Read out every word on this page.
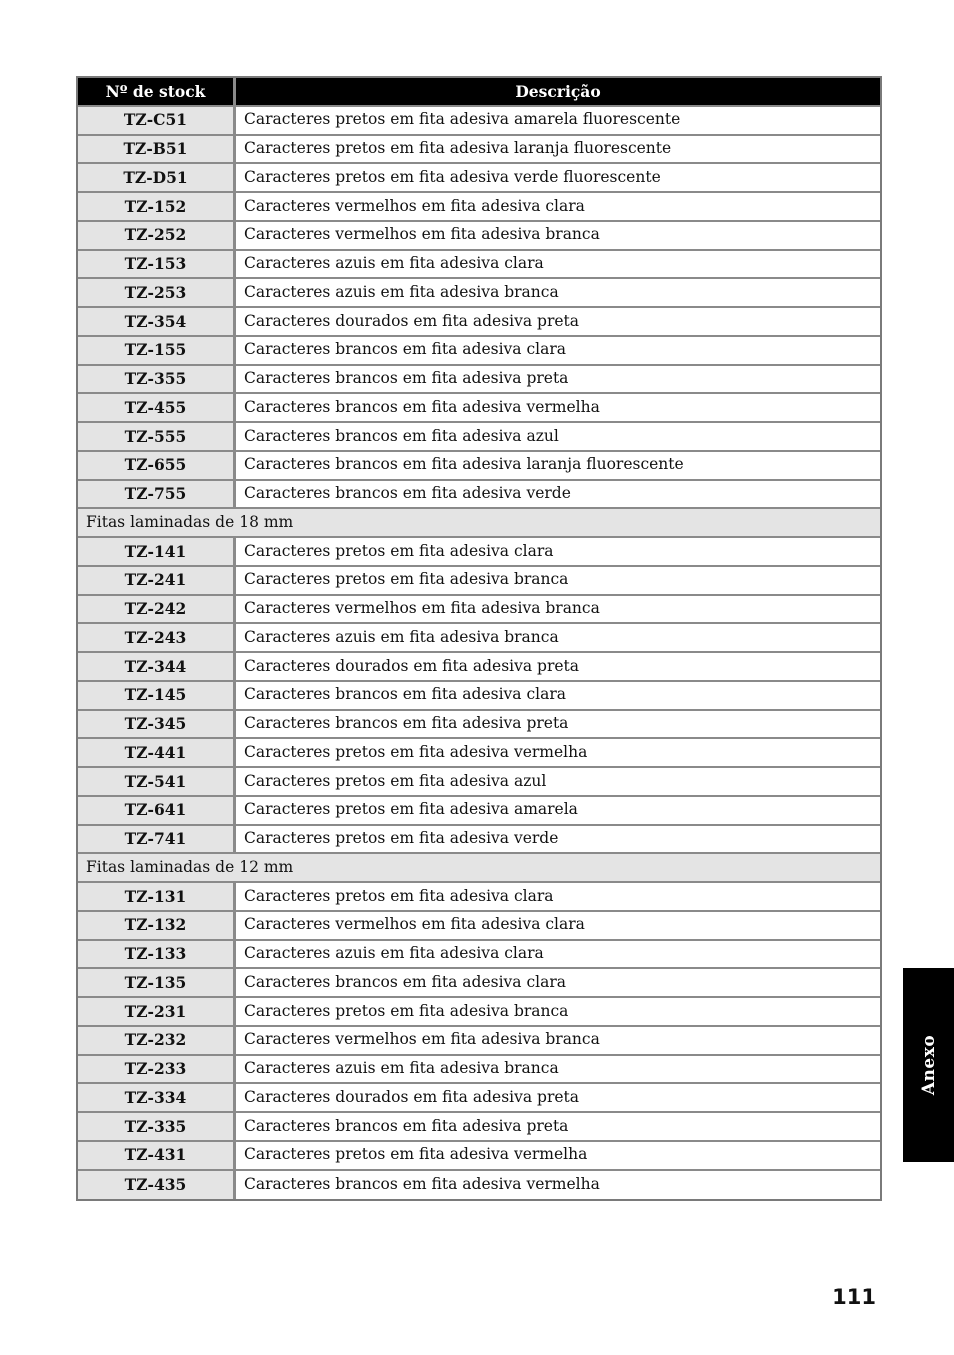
Nº de stock	Descrição
TZ-C51	Caracteres pretos em fita adesiva amarela fluorescente
TZ-B51	Caracteres pretos em fita adesiva laranja fluorescente
TZ-D51	Caracteres pretos em fita adesiva verde fluorescente
TZ-152	Caracteres vermelhos em fita adesiva clara
TZ-252	Caracteres vermelhos em fita adesiva branca
TZ-153	Caracteres azuis em fita adesiva clara
TZ-253	Caracteres azuis em fita adesiva branca
TZ-354	Caracteres dourados em fita adesiva preta
TZ-155	Caracteres brancos em fita adesiva clara
TZ-355	Caracteres brancos em fita adesiva preta
TZ-455	Caracteres brancos em fita adesiva vermelha
TZ-555	Caracteres brancos em fita adesiva azul
TZ-655	Caracteres brancos em fita adesiva laranja fluorescente
TZ-755	Caracteres brancos em fita adesiva verde
Fitas laminadas de 18 mm	
TZ-141	Caracteres pretos em fita adesiva clara
TZ-241	Caracteres pretos em fita adesiva branca
TZ-242	Caracteres vermelhos em fita adesiva branca
TZ-243	Caracteres azuis em fita adesiva branca
TZ-344	Caracteres dourados em fita adesiva preta
TZ-145	Caracteres brancos em fita adesiva clara
TZ-345	Caracteres brancos em fita adesiva preta
TZ-441	Caracteres pretos em fita adesiva vermelha
TZ-541	Caracteres pretos em fita adesiva azul
TZ-641	Caracteres pretos em fita adesiva amarela
TZ-741	Caracteres pretos em fita adesiva verde
Fitas laminadas de 12 mm	
TZ-131	Caracteres pretos em fita adesiva clara
TZ-132	Caracteres vermelhos em fita adesiva clara
TZ-133	Caracteres azuis em fita adesiva clara
TZ-135	Caracteres brancos em fita adesiva clara
TZ-231	Caracteres pretos em fita adesiva branca
TZ-232	Caracteres vermelhos em fita adesiva branca
TZ-233	Caracteres azuis em fita adesiva branca
TZ-334	Caracteres dourados em fita adesiva preta
TZ-335	Caracteres brancos em fita adesiva preta
TZ-431	Caracteres pretos em fita adesiva vermelha
TZ-435	Caracteres brancos em fita adesiva vermelha
Anexo
111
